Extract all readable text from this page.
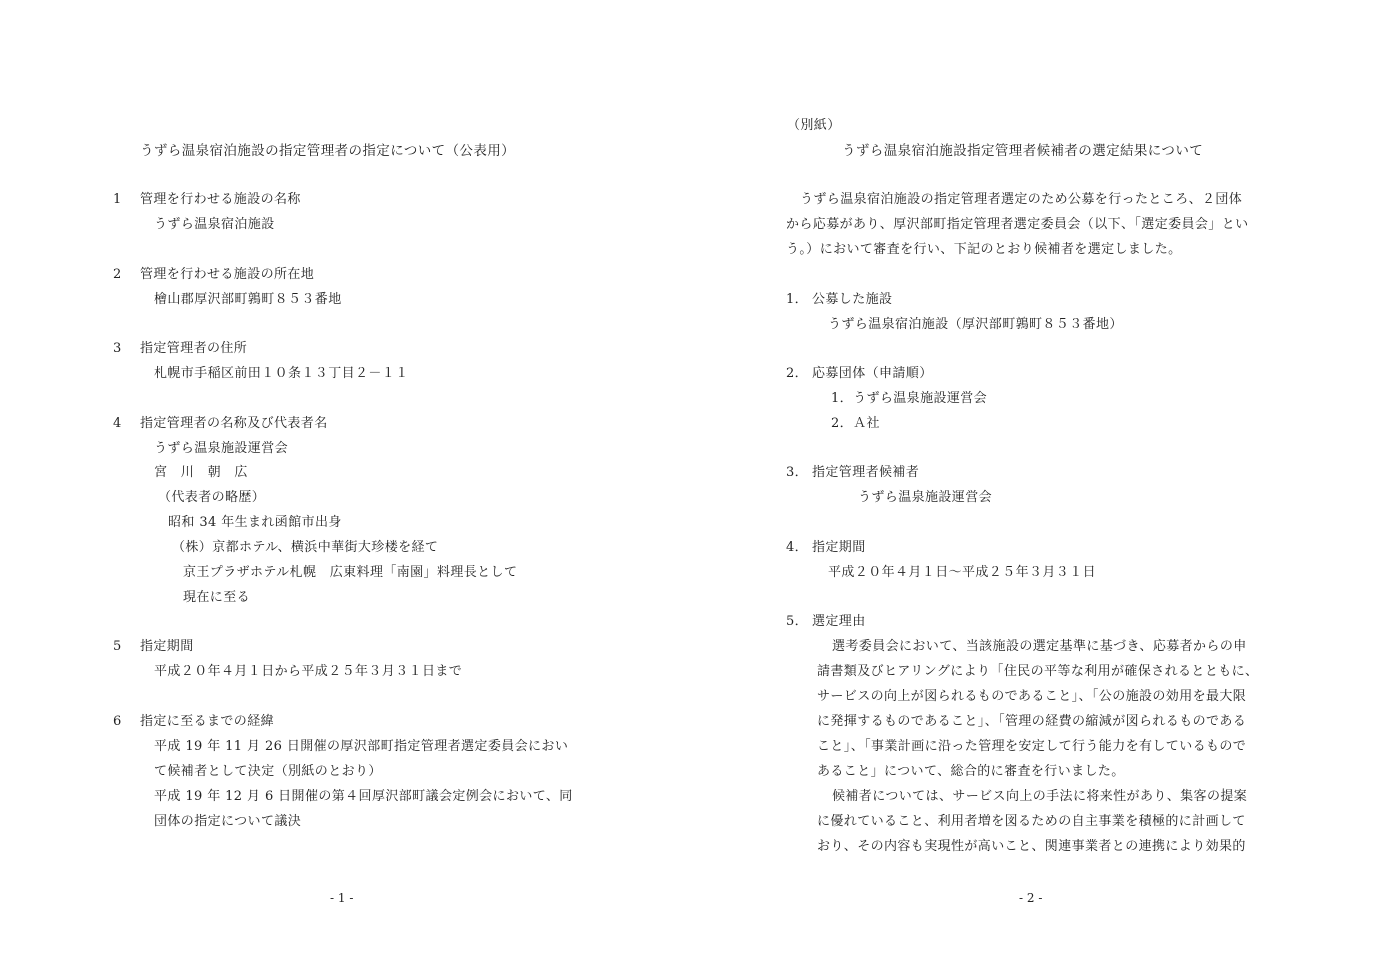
うずら温泉宿泊施設の指定管理者の指定について（公表用）
1 管理を行わせる施設の名称
うずら温泉宿泊施設
2 管理を行わせる施設の所在地
檜山郡厚沢部町鶉町８５３番地
3 指定管理者の住所
札幌市手稲区前田１０条１３丁目２－１１
4 指定管理者の名称及び代表者名
うずら温泉施設運営会
宮　川　朝　広
（代表者の略歴）
昭和 34 年生まれ函館市出身
（株）京都ホテル、横浜中華街大珍楼を経て
京王プラザホテル札幌　広東料理「南園」料理長として
現在に至る
5 指定期間
平成２０年４月１日から平成２５年３月３１日まで
6 指定に至るまでの経緯
平成 19 年 11 月 26 日開催の厚沢部町指定管理者選定委員会におい
て候補者として決定（別紙のとおり）
平成 19 年 12 月 6 日開催の第４回厚沢部町議会定例会において、同
団体の指定について議決
- 1 -
（別紙）
うずら温泉宿泊施設指定管理者候補者の選定結果について
うずら温泉宿泊施設の指定管理者選定のため公募を行ったところ、２団体
から応募があり、厚沢部町指定管理者選定委員会（以下、「選定委員会」とい
う。）において審査を行い、下記のとおり候補者を選定しました。
1． 公募した施設
うずら温泉宿泊施設（厚沢部町鶉町８５３番地）
2． 応募団体（申請順）
1．うずら温泉施設運営会
2．Ａ社
3． 指定管理者候補者
うずら温泉施設運営会
4． 指定期間
平成２０年４月１日～平成２５年３月３１日
5． 選定理由
選考委員会において、当該施設の選定基準に基づき、応募者からの申
請書類及びヒアリングにより「住民の平等な利用が確保されるとともに、
サービスの向上が図られるものであること」、「公の施設の効用を最大限
に発揮するものであること」、「管理の経費の縮減が図られるものである
こと」、「事業計画に沿った管理を安定して行う能力を有しているもので
あること」について、総合的に審査を行いました。
候補者については、サービス向上の手法に将来性があり、集客の提案
に優れていること、利用者増を図るための自主事業を積極的に計画して
おり、その内容も実現性が高いこと、関連事業者との連携により効果的
- 2 -
